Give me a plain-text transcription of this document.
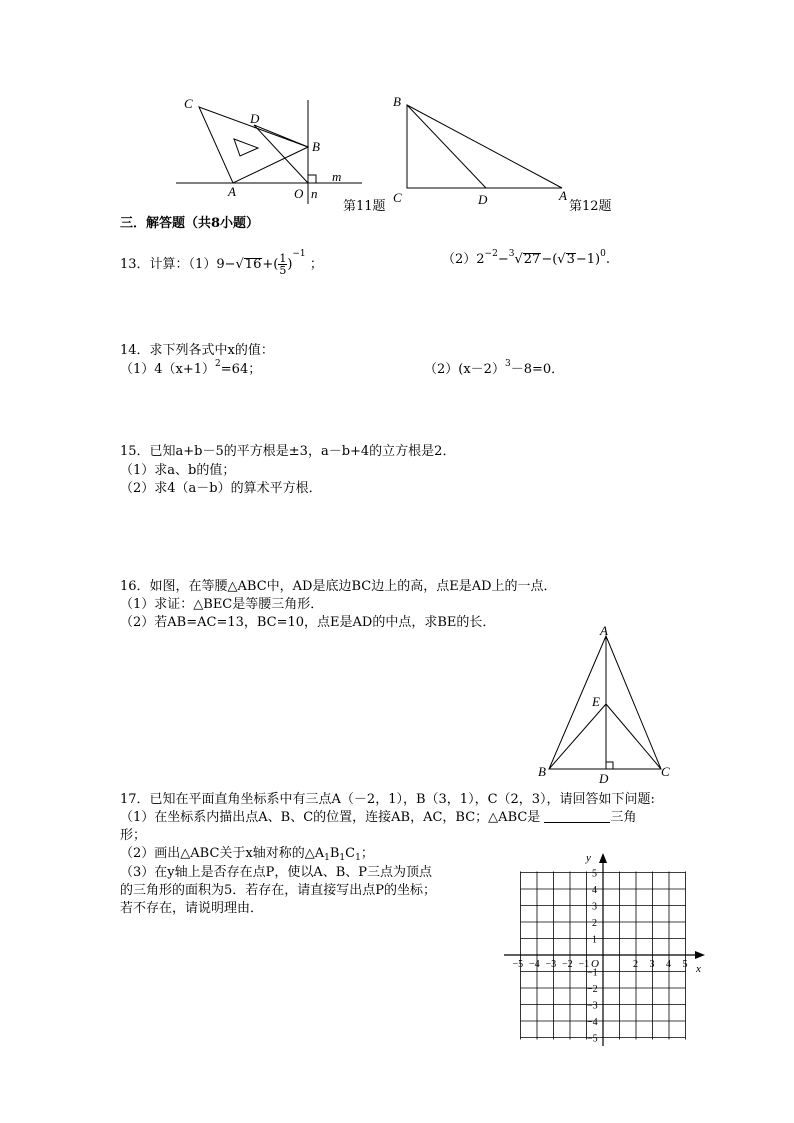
C
D
B
m
A	O n
第11题
B
C	D	A
第12题
三．解答题（共8小题）
13．计算：$(1)9-√16+( \frac{1}{5} )^{-1}$ ；	$(2)2^{-2}-^3√27-(√3-1)^0$.
14．求下列各式中x的值：
$(1)4(x+1)^2=64$；	（2）(x－2）$^3$－8=0．
15．已知a+b－5的平方根是±3，a－b+4的立方根是2．
（1）求a、b的值；
（2）求4（a－b）的算术平方根．
16．如图，在等腰△ABC中，AD是底边BC边上的高，点E是AD上的一点．
（1）求证：△BEC是等腰三角形．
（2）若AB=AC=13，BC=10，点E是AD的中点，求BE的长．
A
E
B	D	C
17．已知在平面直角坐标系中有三点A（－2，1），B（3，1），C（2，3），请回答如下问题:
（1）在坐标系内描出点A、B、C的位置，连接AB，AC，BC；△ABC是	三角
形；
（2）画出△ABC关于x轴对称的$\triangle A_1B_1C_1$；
（3）在y轴上是否存在点P，使以A、B、P三点为顶点
的三角形的面积为5．若存在，请直接写出点P的坐标；
若不存在，请说明理由．
x
y
O
−5 −4 −3 −2 −1	2 3 4 5
5
4
3
2
1
−1
−2
−3
−4
−5
